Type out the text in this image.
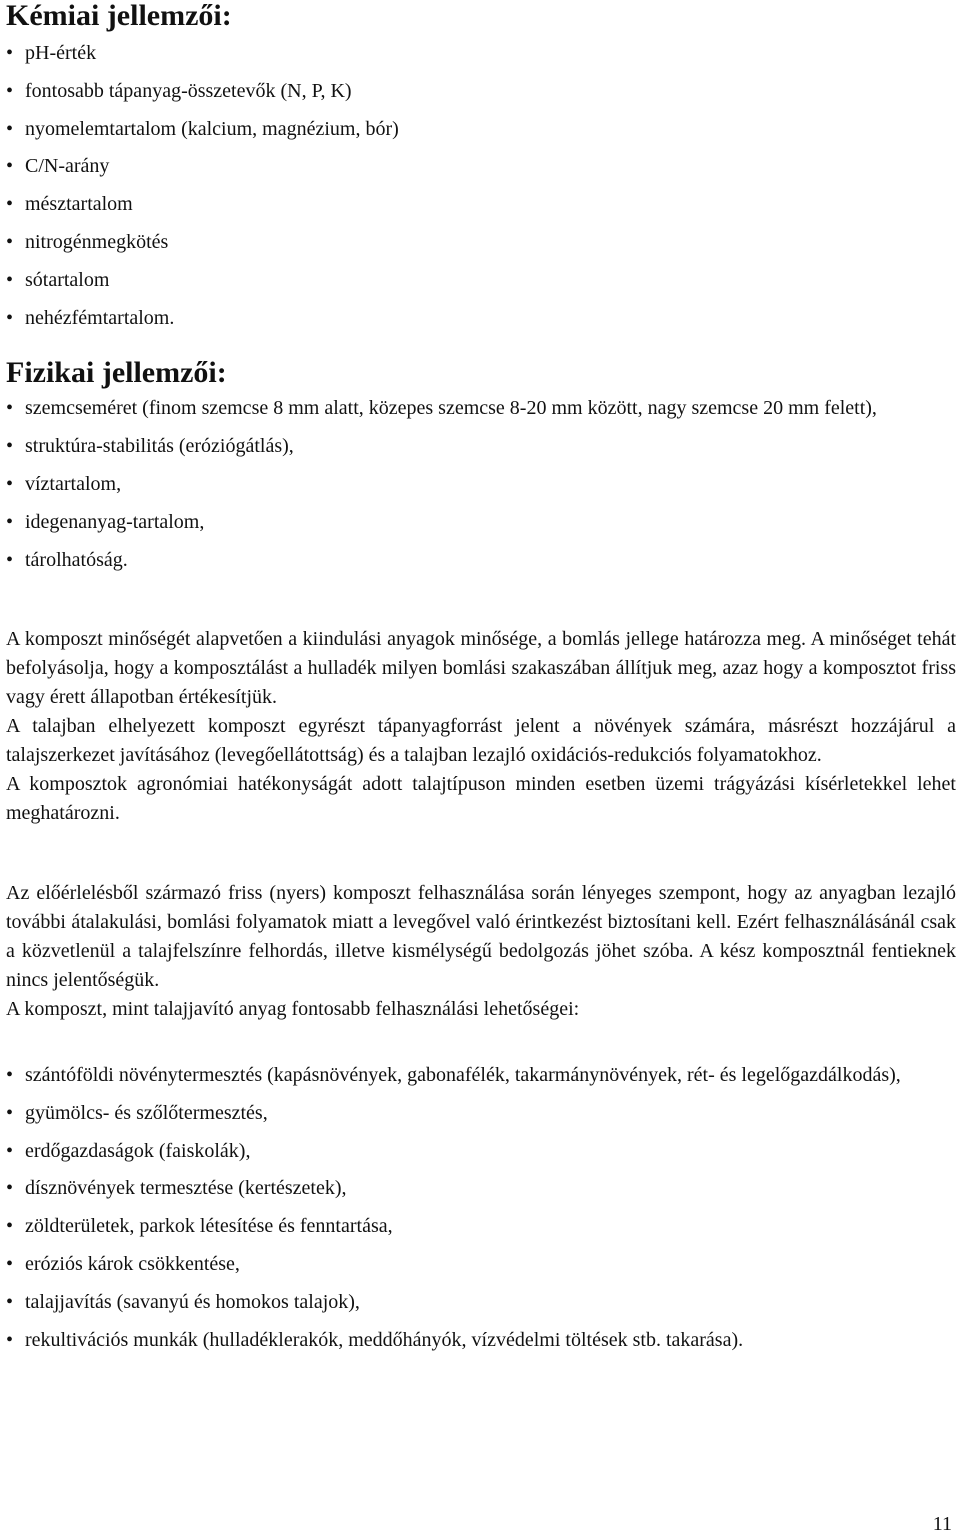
Kémiai jellemzői:
• pH-érték
• fontosabb tápanyag-összetevők (N, P, K)
• nyomelemtartalom (kalcium, magnézium, bór)
• C/N-arány
• mésztartalom
• nitrogénmegkötés
• sótartalom
• nehézfémtartalom.
Fizikai jellemzői:
• szemcseméret (finom szemcse 8 mm alatt, közepes szemcse 8-20 mm között, nagy szemcse 20 mm felett),
• struktúra-stabilitás (eróziógátlás),
• víztartalom,
• idegenanyag-tartalom,
• tárolhatóság.

A komposzt minőségét alapvetően a kiindulási anyagok minősége, a bomlás jellege határozza meg. A minőséget tehát befolyásolja, hogy a komposztálást a hulladék milyen bomlási szakaszában állítjuk meg, azaz hogy a komposztot friss vagy érett állapotban értékesítjük.

A talajban elhelyezett komposzt egyrészt tápanyagforrást jelent a növények számára, másrészt hozzájárul a talajszerkezet javításához (levegőellátottság) és a talajban lezajló oxidációs-redukciós folyamatokhoz.

A komposztok agronómiai hatékonyságát adott talajtípuson minden esetben üzemi trágyázási kísérletekkel lehet meghatározni.

Az előérlelésből származó friss (nyers) komposzt felhasználása során lényeges szempont, hogy az anyagban lezajló további átalakulási, bomlási folyamatok miatt a levegővel való érintkezést biztosítani kell. Ezért felhasználásánál csak a közvetlenül a talajfelszínre felhordás, illetve kismélységű bedolgozás jöhet szóba. A kész komposztnál fentieknek nincs jelentőségük.

A komposzt, mint talajjavító anyag fontosabb felhasználási lehetőségei:

• szántóföldi növénytermesztés (kapásnövények, gabonafélék, takarmánynövények, rét- és legelőgazdálkodás),
• gyümölcs- és szőlőtermesztés,
• erdőgazdaságok (faiskolák),
• dísznövények termesztése (kertészetek),
• zöldterületek, parkok létesítése és fenntartása,
• eróziós károk csökkentése,
• talajjavítás (savanyú és homokos talajok),
• rekultivációs munkák (hulladéklerakók, meddőhányók, vízvédelmi töltések stb. takarása).
11
